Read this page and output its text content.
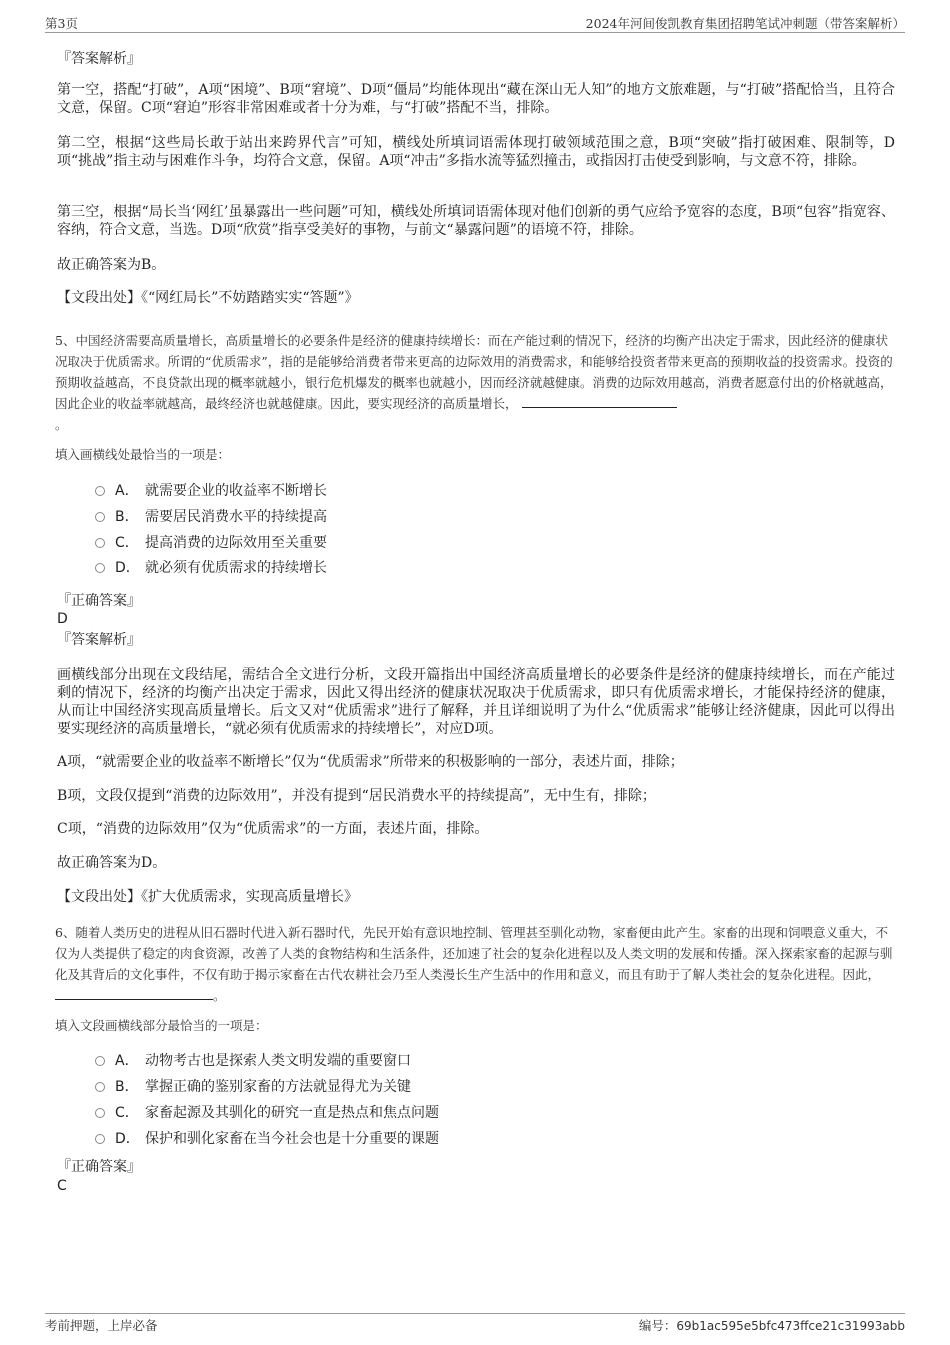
第3页	2024年河间俊凯教育集团招聘笔试冲刺题（带答案解析）
『答案解析』

第一空，搭配“打破”，A项“困境”、B项“窘境”、D项“僵局”均能体现出“藏在深山无人知”的地方文旅难题，与“打破”搭配恰当，且符合文意，保留。C项“窘迫”形容非常困难或者十分为难，与“打破”搭配不当，排除。

第二空，根据“这些局长敢于站出来跨界代言”可知，横线处所填词语需体现打破领域范围之意，B项“突破”指打破困难、限制等，D项“挑战”指主动与困难作斗争，均符合文意，保留。A项“冲击”多指水流等猛烈撞击，或指因打击使受到影响，与文意不符，排除。

第三空，根据“局长当‘网红’虽暴露出一些问题”可知，横线处所填词语需体现对他们创新的勇气应给予宽容的态度，B项“包容”指宽容、容纳，符合文意，当选。D项“欣赏”指享受美好的事物，与前文“暴露问题”的语境不符，排除。

故正确答案为B。

【文段出处】《“网红局长”不妨踏踏实实“答题”》

5、中国经济需要高质量增长，高质量增长的必要条件是经济的健康持续增长：而在产能过剩的情况下，经济的均衡产出决定于需求，因此经济的健康状况取决于优质需求。所谓的“优质需求”，指的是能够给消费者带来更高的边际效用的消费需求，和能够给投资者带来更高的预期收益的投资需求。投资的预期收益越高，不良贷款出现的概率就越小，银行危机爆发的概率也就越小，因而经济就越健康。消费的边际效用越高，消费者愿意付出的价格就越高，因此企业的收益率就越高，最终经济也就越健康。因此，要实现经济的高质量增长，
。
填入画横线处最恰当的一项是：
A． 就需要企业的收益率不断增长
B． 需要居民消费水平的持续提高
C． 提高消费的边际效用至关重要
D． 就必须有优质需求的持续增长
『正确答案』
D
『答案解析』

画横线部分出现在文段结尾，需结合全文进行分析，文段开篇指出中国经济高质量增长的必要条件是经济的健康持续增长，而在产能过剩的情况下，经济的均衡产出决定于需求，因此又得出经济的健康状况取决于优质需求，即只有优质需求增长，才能保持经济的健康，从而让中国经济实现高质量增长。后文又对“优质需求”进行了解释，并且详细说明了为什么“优质需求”能够让经济健康，因此可以得出要实现经济的高质量增长，“就必须有优质需求的持续增长”，对应D项。

A项，“就需要企业的收益率不断增长”仅为“优质需求”所带来的积极影响的一部分，表述片面，排除；

B项，文段仅提到“消费的边际效用”，并没有提到“居民消费水平的持续提高”，无中生有，排除；

C项，“消费的边际效用”仅为“优质需求”的一方面，表述片面，排除。

故正确答案为D。

【文段出处】《扩大优质需求，实现高质量增长》

6、随着人类历史的进程从旧石器时代进入新石器时代，先民开始有意识地控制、管理甚至驯化动物，家畜便由此产生。家畜的出现和饲喂意义重大，不仅为人类提供了稳定的肉食资源，改善了人类的食物结构和生活条件，还加速了社会的复杂化进程以及人类文明的发展和传播。深入探索家畜的起源与驯化及其背后的文化事件，不仅有助于揭示家畜在古代农耕社会乃至人类漫长生产生活中的作用和意义，而且有助于了解人类社会的复杂化进程。因此， 。
填入文段画横线部分最恰当的一项是：
A． 动物考古也是探索人类文明发端的重要窗口
B． 掌握正确的鉴别家畜的方法就显得尤为关键
C． 家畜起源及其驯化的研究一直是热点和焦点问题
D． 保护和驯化家畜在当今社会也是十分重要的课题
『正确答案』
C
考前押题，上岸必备	编号：69b1ac595e5bfc473ffce21c31993abb
